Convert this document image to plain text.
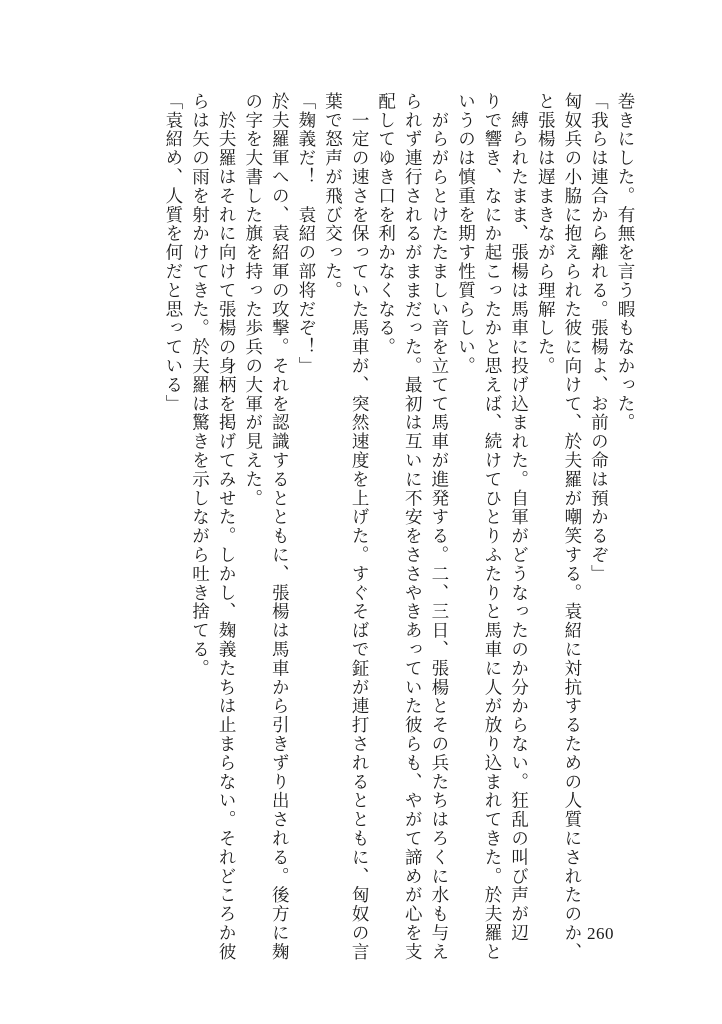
巻きにした。有無を言う暇もなかった。
「我らは連合から離れる。張楊よ、お前の命は預かるぞ」
匈奴兵の小脇に抱えられた彼に向けて、於夫羅が嘲笑する。袁紹に対抗するための人質にされたのか、
と張楊は遅まきながら理解した。
　縛られたまま、張楊は馬車に投げ込まれた。自軍がどうなったのか分からない。狂乱の叫び声が辺
りで響き、なにか起こったかと思えば、続けてひとりふたりと馬車に人が放り込まれてきた。於夫羅と
いうのは慎重を期す性質らしい。
　がらがらとけたたましい音を立てて馬車が進発する。二、三日、張楊とその兵たちはろくに水も与え
られず連行されるがままだった。最初は互いに不安をささやきあっていた彼らも、やがて諦めが心を支
配してゆき口を利かなくなる。
　一定の速さを保っていた馬車が、突然速度を上げた。すぐそばで鉦が連打されるとともに、匈奴の言
葉で怒声が飛び交った。
「麹義だ！　袁紹の部将だぞ！」
於夫羅軍への、袁紹軍の攻撃。それを認識するとともに、張楊は馬車から引きずり出される。後方に麹
の字を大書した旗を持った歩兵の大軍が見えた。
　於夫羅はそれに向けて張楊の身柄を掲げてみせた。しかし、麹義たちは止まらない。それどころか彼
らは矢の雨を射かけてきた。於夫羅は驚きを示しながら吐き捨てる。
「袁紹め、人質を何だと思っている」
260
